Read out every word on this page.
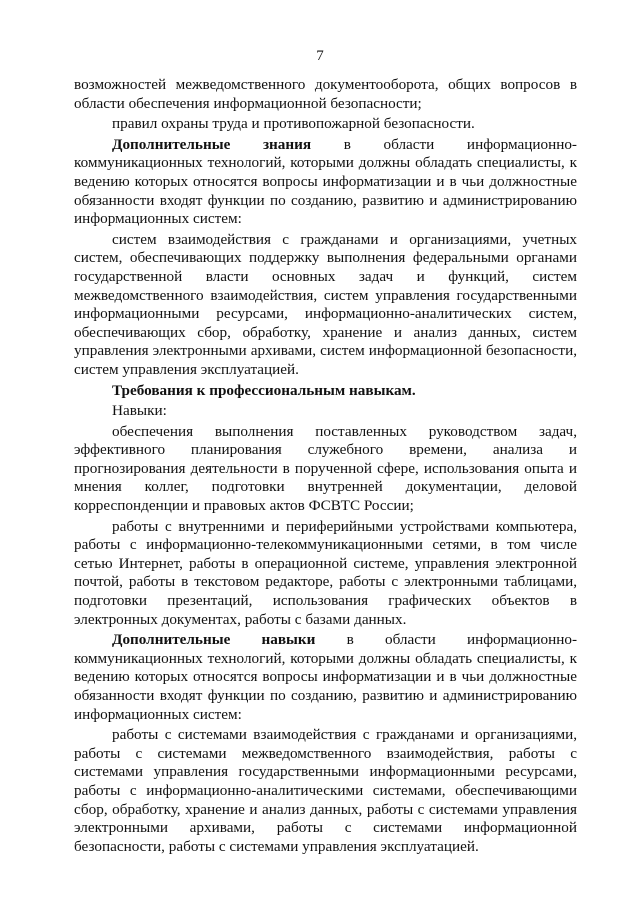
7

возможностей межведомственного документооборота, общих вопросов в области обеспечения информационной безопасности;

правил охраны труда и противопожарной безопасности.

Дополнительные знания в области информационно-коммуникационных технологий, которыми должны обладать специалисты, к ведению которых относятся вопросы информатизации и в чьи должностные обязанности входят функции по созданию, развитию и администрированию информационных систем:

систем взаимодействия с гражданами и организациями, учетных систем, обеспечивающих поддержку выполнения федеральными органами государственной власти основных задач и функций, систем межведомственного взаимодействия, систем управления государственными информационными ресурсами, информационно-аналитических систем, обеспечивающих сбор, обработку, хранение и анализ данных, систем управления электронными архивами, систем информационной безопасности, систем управления эксплуатацией.

Требования к профессиональным навыкам.

Навыки:

обеспечения выполнения поставленных руководством задач, эффективного планирования служебного времени, анализа и прогнозирования деятельности в порученной сфере, использования опыта и мнения коллег, подготовки внутренней документации, деловой корреспонденции и правовых актов ФСВТС России;

работы с внутренними и периферийными устройствами компьютера, работы с информационно-телекоммуникационными сетями, в том числе сетью Интернет, работы в операционной системе, управления электронной почтой, работы в текстовом редакторе, работы с электронными таблицами, подготовки презентаций, использования графических объектов в электронных документах, работы с базами данных.

Дополнительные навыки в области информационно-коммуникационных технологий, которыми должны обладать специалисты, к ведению которых относятся вопросы информатизации и в чьи должностные обязанности входят функции по созданию, развитию и администрированию информационных систем:

работы с системами взаимодействия с гражданами и организациями, работы с системами межведомственного взаимодействия, работы с системами управления государственными информационными ресурсами, работы с информационно-аналитическими системами, обеспечивающими сбор, обработку, хранение и анализ данных, работы с системами управления электронными архивами, работы с системами информационной безопасности, работы с системами управления эксплуатацией.
